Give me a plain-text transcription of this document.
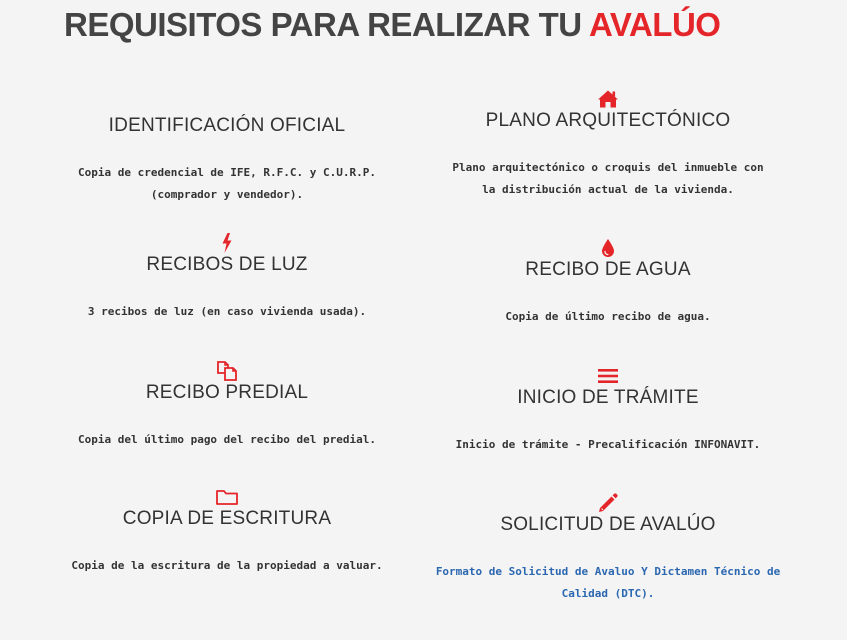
REQUISITOS PARA REALIZAR TU AVALÚO
IDENTIFICACIÓN OFICIAL

Copia de credencial de IFE, R.F.C. y C.U.R.P. (comprador y vendedor).

RECIBOS DE LUZ

3 recibos de luz (en caso vivienda usada).

RECIBO PREDIAL

Copia del último pago del recibo del predial.

COPIA DE ESCRITURA

Copia de la escritura de la propiedad a valuar.

PLANO ARQUITECTÓNICO

Plano arquitectónico o croquis del inmueble con la distribución actual de la vivienda.

RECIBO DE AGUA

Copia de último recibo de agua.

INICIO DE TRÁMITE

Inicio de trámite - Precalificación INFONAVIT.

SOLICITUD DE AVALÚO

Formato de Solicitud de Avaluo Y Dictamen Técnico de Calidad (DTC).
